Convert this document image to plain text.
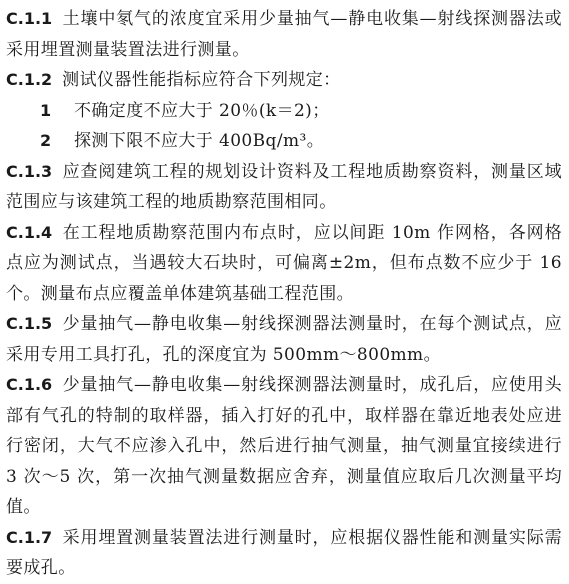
C.1.1 土壤中氡气的浓度宜采用少量抽气—静电收集—射线探测器法或采用埋置测量装置法进行测量。
C.1.2 测试仪器性能指标应符合下列规定：
1 不确定度不应大于 20％(k＝2)；
2 探测下限不应大于 400Bq/m³。
C.1.3 应查阅建筑工程的规划设计资料及工程地质勘察资料，测量区域范围应与该建筑工程的地质勘察范围相同。
C.1.4 在工程地质勘察范围内布点时，应以间距 10m 作网格，各网格点应为测试点，当遇较大石块时，可偏离±2m，但布点数不应少于 16 个。测量布点应覆盖单体建筑基础工程范围。
C.1.5 少量抽气—静电收集—射线探测器法测量时，在每个测试点，应采用专用工具打孔，孔的深度宜为 500mm～800mm。
C.1.6 少量抽气—静电收集—射线探测器法测量时，成孔后，应使用头部有气孔的特制的取样器，插入打好的孔中，取样器在靠近地表处应进行密闭，大气不应渗入孔中，然后进行抽气测量，抽气测量宜接续进行 3 次～5 次，第一次抽气测量数据应舍弃，测量值应取后几次测量平均值。
C.1.7 采用埋置测量装置法进行测量时，应根据仪器性能和测量实际需要成孔。
